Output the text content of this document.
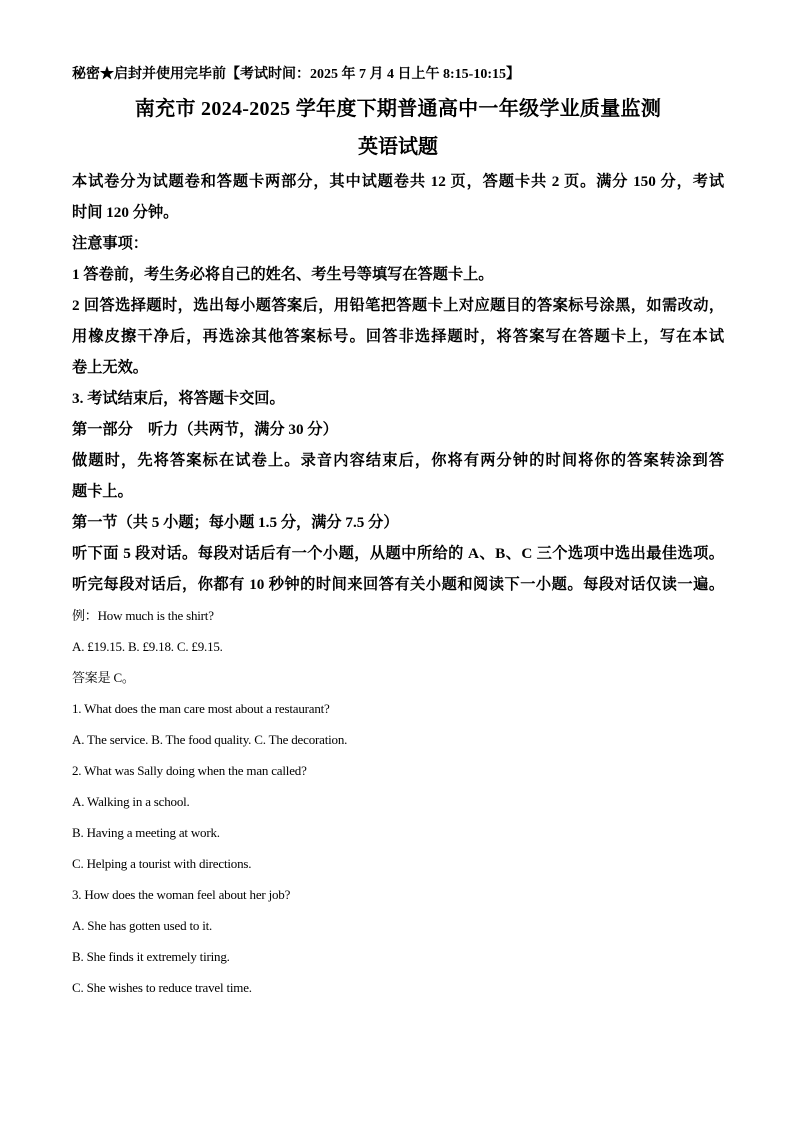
秘密★启封并使用完毕前【考试时间：2025 年 7 月 4 日上午 8:15-10:15】
南充市 2024-2025 学年度下期普通高中一年级学业质量监测
英语试题
本试卷分为试题卷和答题卡两部分，其中试题卷共 12 页，答题卡共 2 页。满分 150 分，考试
时间 120 分钟。
注意事项：
1 答卷前，考生务必将自己的姓名、考生号等填写在答题卡上。
2 回答选择题时，选出每小题答案后，用铅笔把答题卡上对应题目的答案标号涂黑，如需改动，
用橡皮擦干净后，再选涂其他答案标号。回答非选择题时，将答案写在答题卡上，写在本试
卷上无效。
3. 考试结束后，将答题卡交回。
第一部分　听力（共两节，满分 30 分）
做题时，先将答案标在试卷上。录音内容结束后，你将有两分钟的时间将你的答案转涂到答
题卡上。
第一节（共 5 小题；每小题 1.5 分，满分 7.5 分）
听下面 5 段对话。每段对话后有一个小题，从题中所给的 A、B、C 三个选项中选出最佳选项。
听完每段对话后，你都有 10 秒钟的时间来回答有关小题和阅读下一小题。每段对话仅读一遍。
例：How much is the shirt?
A. £19.15. B. £9.18. C. £9.15.
答案是 C。
1. What does the man care most about a restaurant?
A. The service. B. The food quality. C. The decoration.
2. What was Sally doing when the man called?
A. Walking in a school.
B. Having a meeting at work.
C. Helping a tourist with directions.
3. How does the woman feel about her job?
A. She has gotten used to it.
B. She finds it extremely tiring.
C. She wishes to reduce travel time.
